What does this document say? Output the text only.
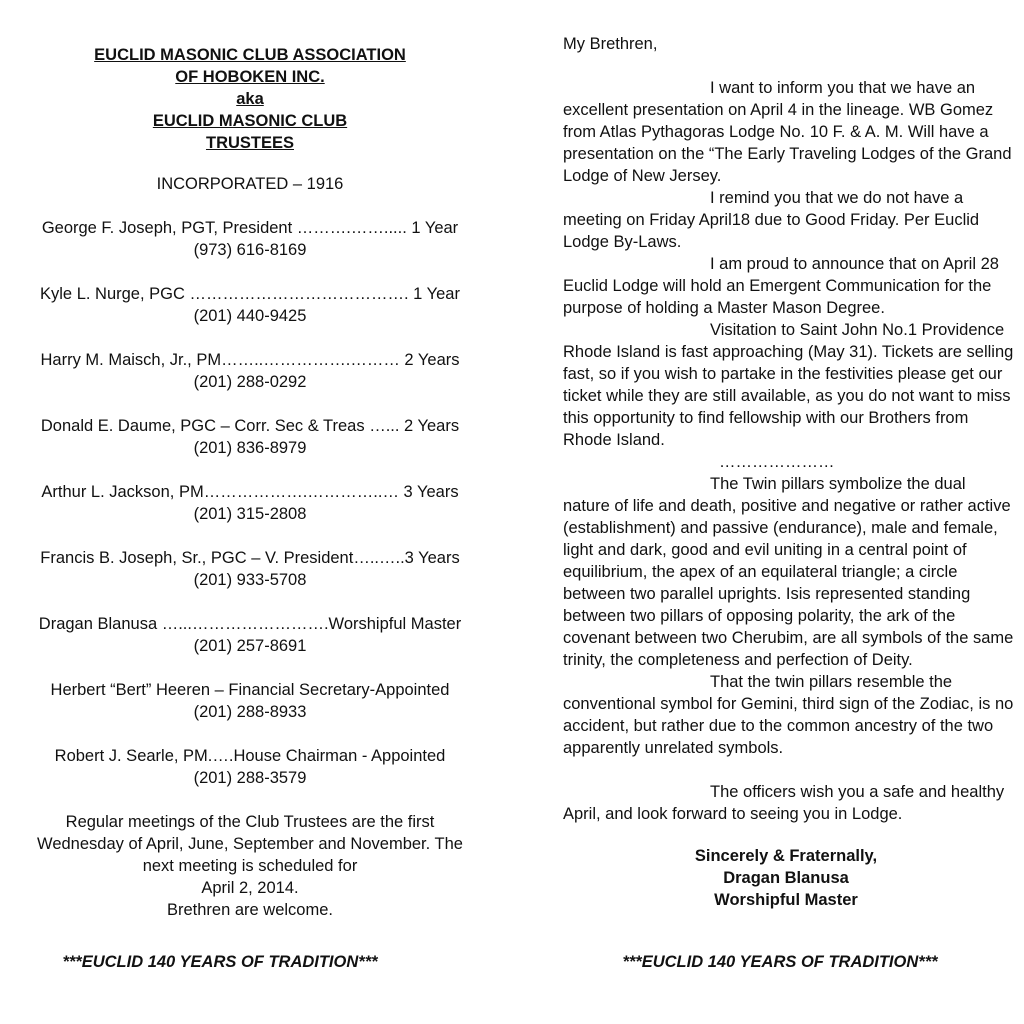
EUCLID MASONIC CLUB ASSOCIATION
OF HOBOKEN INC.
aka
EUCLID MASONIC CLUB
TRUSTEES
INCORPORATED – 1916
George F. Joseph, PGT, President ……….……..... 1 Year
(973) 616-8169
Kyle L. Nurge, PGC …………………………………. 1 Year
(201) 440-9425
Harry M. Maisch, Jr., PM……..…………….……… 2 Years
(201) 288-0292
Donald E. Daume, PGC – Corr. Sec & Treas …... 2 Years
(201) 836-8979
Arthur L. Jackson, PM……………….…………..… 3 Years
(201) 315-2808
Francis B. Joseph, Sr., PGC – V. President…..…..3 Years
(201) 933-5708
Dragan Blanusa …...…………………….Worshipful Master
(201) 257-8691
Herbert “Bert” Heeren – Financial Secretary-Appointed
(201) 288-8933
Robert J. Searle, PM.….House Chairman - Appointed
(201) 288-3579
Regular meetings of the Club Trustees are the first
Wednesday of April, June, September and November. The
next meeting is scheduled for
April 2, 2014.
Brethren are welcome.
***EUCLID 140 YEARS OF TRADITION***
My Brethren,

I want to inform you that we have an excellent presentation on April 4 in the lineage. WB Gomez from Atlas Pythagoras Lodge No. 10 F. & A. M. Will have a presentation on the “The Early Traveling Lodges of the Grand Lodge of New Jersey.

I remind you that we do not have a meeting on Friday April18 due to Good Friday. Per Euclid Lodge By-Laws.

I am proud to announce that on April 28 Euclid Lodge will hold an Emergent Communication for the purpose of holding a Master Mason Degree.

Visitation to Saint John No.1 Providence Rhode Island is fast approaching (May 31). Tickets are selling fast, so if you wish to partake in the festivities please get our ticket while they are still available, as you do not want to miss this opportunity to find fellowship with our Brothers from Rhode Island.

…………………

The Twin pillars symbolize the dual nature of life and death, positive and negative or rather active (establishment) and passive (endurance), male and female, light and dark, good and evil uniting in a central point of equilibrium, the apex of an equilateral triangle; a circle between two parallel uprights. Isis represented standing between two pillars of opposing polarity, the ark of the covenant between two Cherubim, are all symbols of the same trinity, the completeness and perfection of Deity.

That the twin pillars resemble the conventional symbol for Gemini, third sign of the Zodiac, is no accident, but rather due to the common ancestry of the two apparently unrelated symbols.

The officers wish you a safe and healthy April, and look forward to seeing you in Lodge.

Sincerely & Fraternally,
Dragan Blanusa
Worshipful Master
***EUCLID 140 YEARS OF TRADITION***
